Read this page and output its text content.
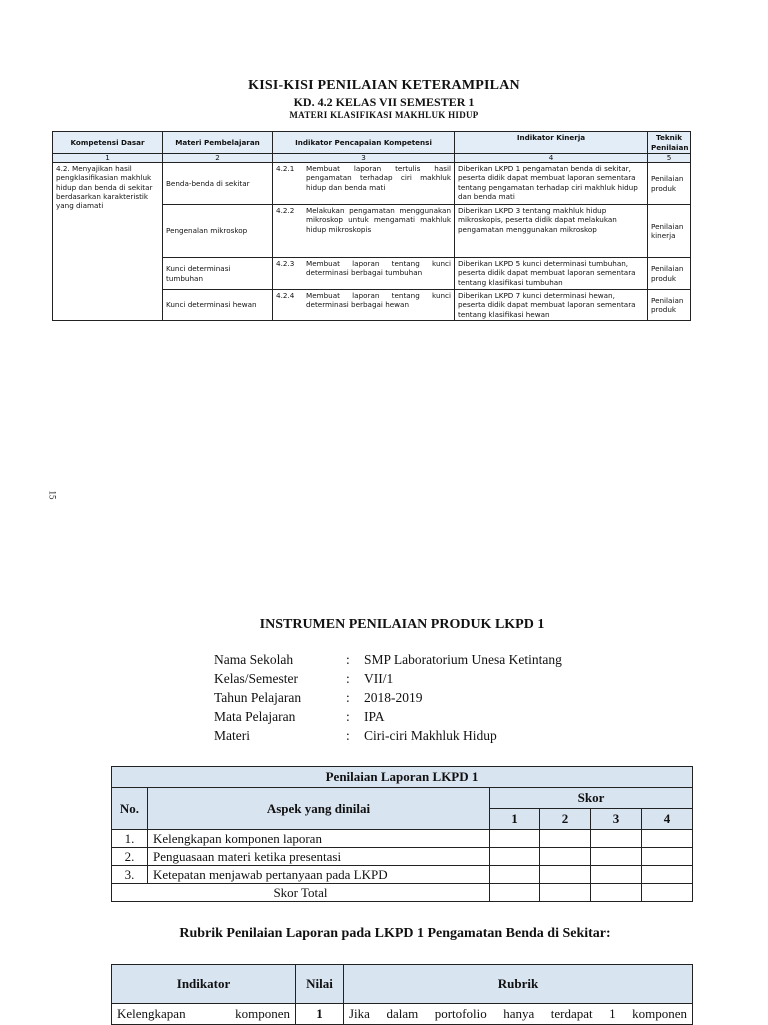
KISI-KISI PENILAIAN KETERAMPILAN
KD. 4.2 KELAS VII SEMESTER 1
MATERI KLASIFIKASI MAKHLUK HIDUP
Kompetensi Dasar	Materi Pembelajaran	Indikator Pencapaian Kompetensi	Indikator Kinerja	Teknik Penilaian
1	2	3	4	5
4.2. Menyajikan hasil pengklasifikasian makhluk hidup dan benda di sekitar berdasarkan karakteristik yang diamati	Benda-benda di sekitar	4.2.1 Membuat laporan tertulis hasil pengamatan terhadap ciri makhluk hidup dan benda mati	Diberikan LKPD 1 pengamatan benda di sekitar, peserta didik dapat membuat laporan sementara tentang pengamatan terhadap ciri makhluk hidup dan benda mati	Penilaian produk
	Pengenalan mikroskop	4.2.2 Melakukan pengamatan menggunakan mikroskop untuk mengamati makhluk hidup mikroskopis	Diberikan LKPD 3 tentang makhluk hidup mikroskopis, peserta didik dapat melakukan pengamatan menggunakan mikroskop	Penilaian kinerja
	Kunci determinasi tumbuhan	4.2.3 Membuat laporan tentang kunci determinasi berbagai tumbuhan	Diberikan LKPD 5 kunci determinasi tumbuhan, peserta didik dapat membuat laporan sementara tentang klasifikasi tumbuhan	Penilaian produk
	Kunci determinasi hewan	4.2.4 Membuat laporan tentang kunci determinasi berbagai hewan	Diberikan LKPD 7 kunci determinasi hewan, peserta didik dapat membuat laporan sementara tentang klasifikasi hewan	Penilaian produk
15
INSTRUMEN PENILAIAN PRODUK LKPD 1
Nama Sekolah	:	SMP Laboratorium Unesa Ketintang
Kelas/Semester	:	VII/1
Tahun Pelajaran	:	2018-2019
Mata Pelajaran	:	IPA
Materi	:	Ciri-ciri Makhluk Hidup
Penilaian Laporan LKPD 1					
No.	Aspek yang dinilai	Skor			
		1	2	3	4
1.	Kelengkapan komponen laporan				
2.	Penguasaan materi ketika presentasi				
3.	Ketepatan menjawab pertanyaan pada LKPD				
Skor Total					
Rubrik Penilaian Laporan pada LKPD 1 Pengamatan Benda di Sekitar:
Indikator	Nilai	Rubrik
Kelengkapan komponen	1	Jika dalam portofolio hanya terdapat 1 komponen
